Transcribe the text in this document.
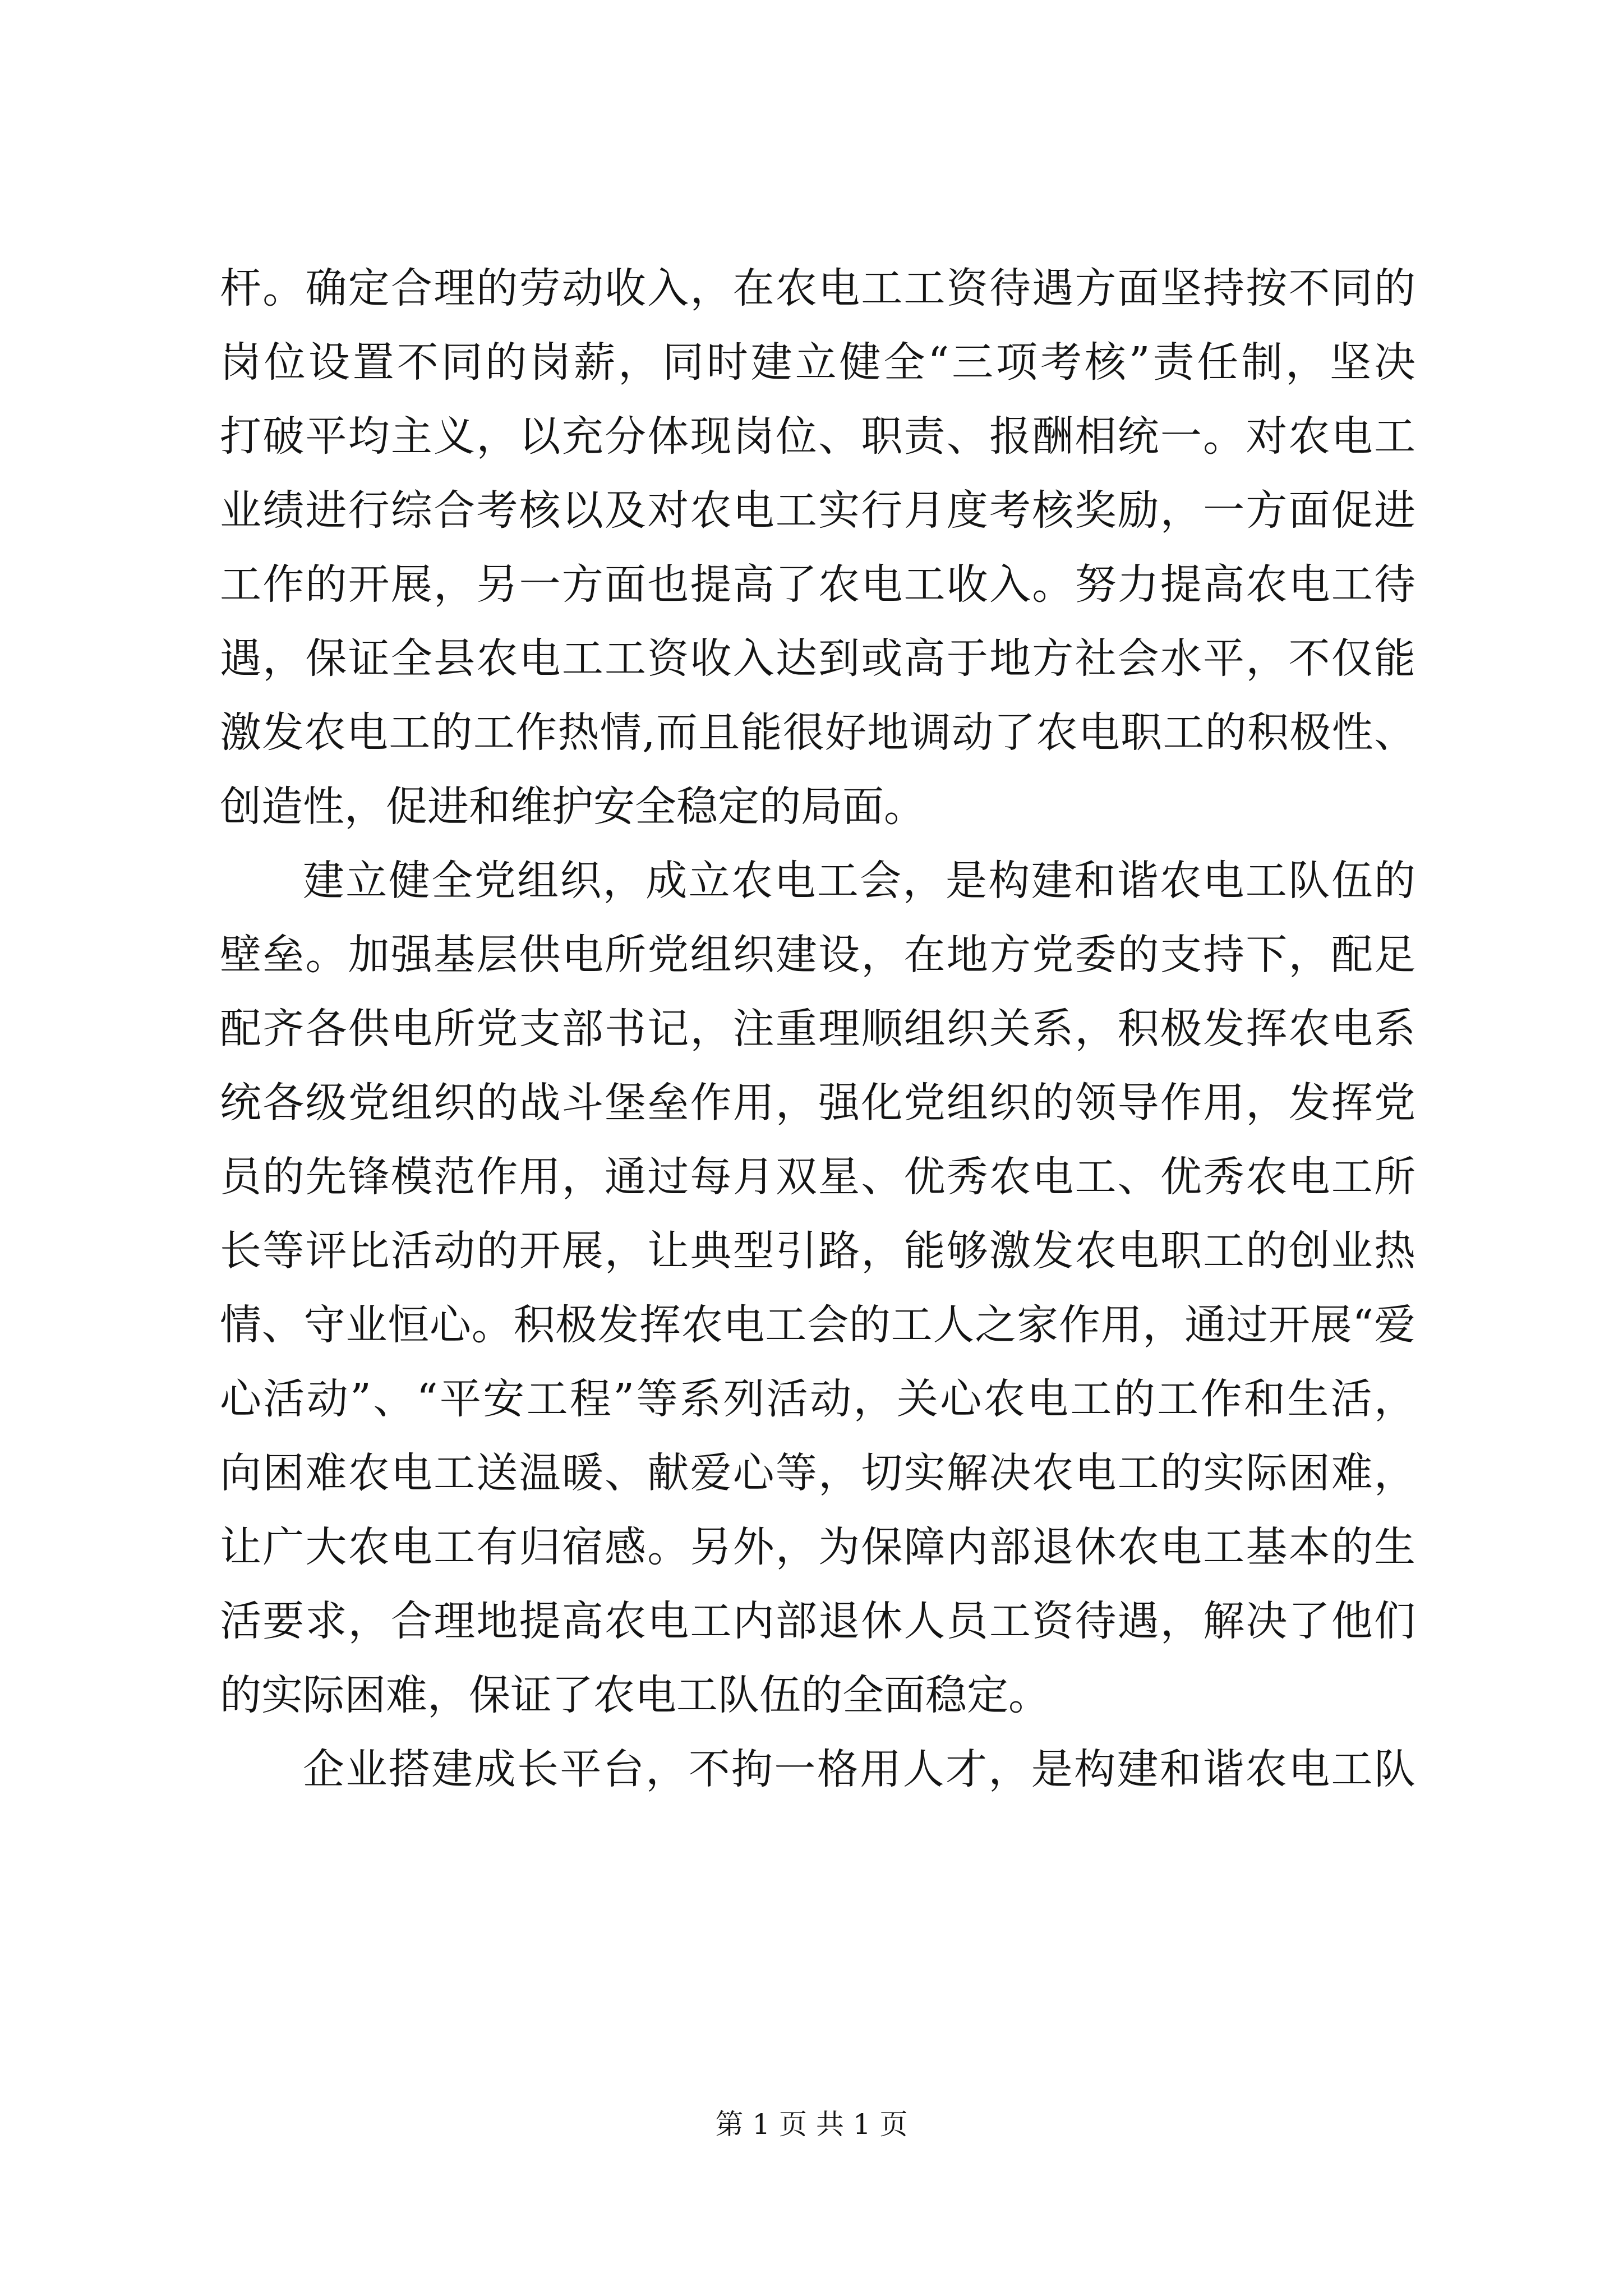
杆。确定合理的劳动收入，在农电工工资待遇方面坚持按不同的
岗位设置不同的岗薪，同时建立健全“三项考核”责任制，坚决
打破平均主义，以充分体现岗位、职责、报酬相统一。对农电工
业绩进行综合考核以及对农电工实行月度考核奖励，一方面促进
工作的开展，另一方面也提高了农电工收入。努力提高农电工待
遇，保证全县农电工工资收入达到或高于地方社会水平，不仅能
激发农电工的工作热情,而且能很好地调动了农电职工的积极性、
创造性，促进和维护安全稳定的局面。
建立健全党组织，成立农电工会，是构建和谐农电工队伍的
壁垒。加强基层供电所党组织建设，在地方党委的支持下，配足
配齐各供电所党支部书记，注重理顺组织关系，积极发挥农电系
统各级党组织的战斗堡垒作用，强化党组织的领导作用，发挥党
员的先锋模范作用，通过每月双星、优秀农电工、优秀农电工所
长等评比活动的开展，让典型引路，能够激发农电职工的创业热
情、守业恒心。积极发挥农电工会的工人之家作用，通过开展“爱
心活动”、“平安工程”等系列活动，关心农电工的工作和生活，
向困难农电工送温暖、献爱心等，切实解决农电工的实际困难，
让广大农电工有归宿感。另外，为保障内部退休农电工基本的生
活要求，合理地提高农电工内部退休人员工资待遇，解决了他们
的实际困难，保证了农电工队伍的全面稳定。
企业搭建成长平台，不拘一格用人才，是构建和谐农电工队
第 1 页 共 1 页
